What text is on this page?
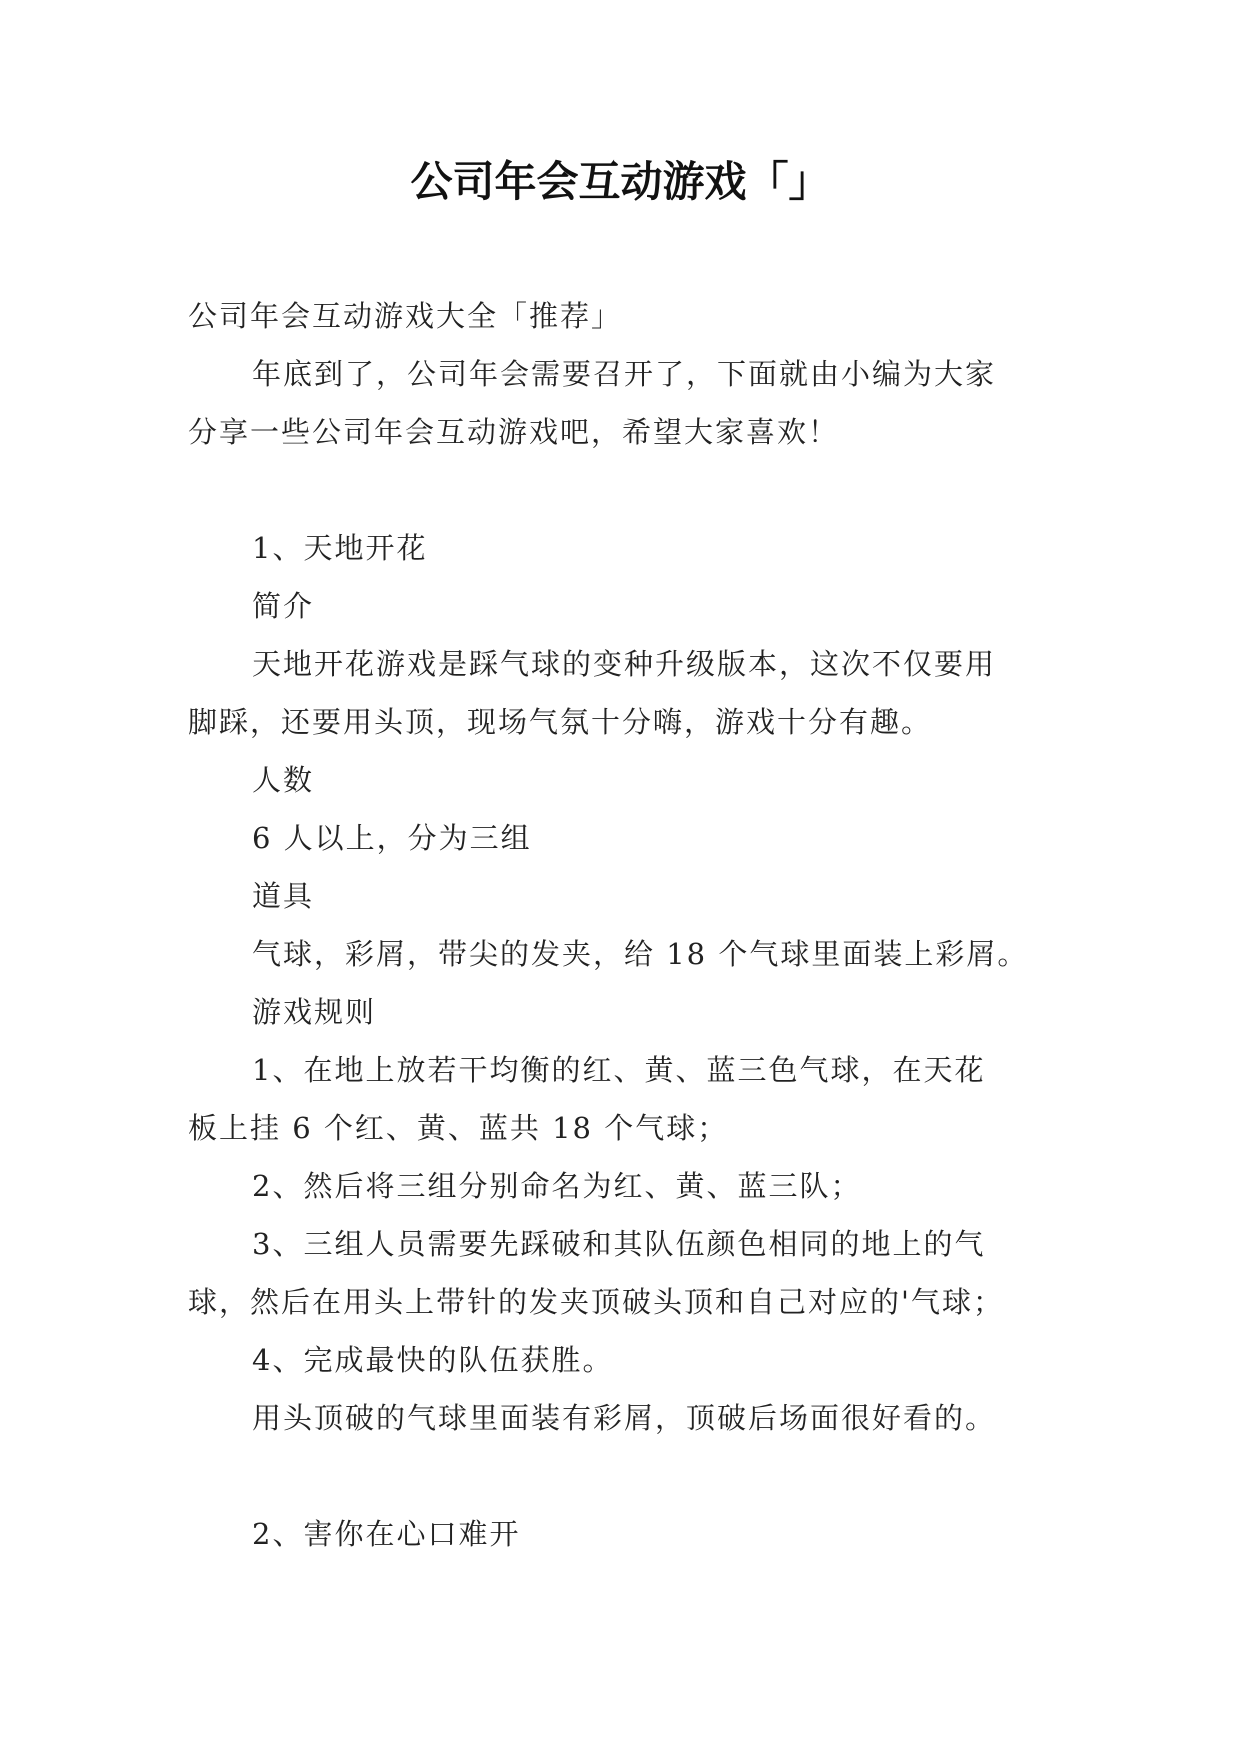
公司年会互动游戏「」
公司年会互动游戏大全「推荐」
年底到了，公司年会需要召开了，下面就由小编为大家
分享一些公司年会互动游戏吧，希望大家喜欢！
1、天地开花
简介
天地开花游戏是踩气球的变种升级版本，这次不仅要用
脚踩，还要用头顶，现场气氛十分嗨，游戏十分有趣。
人数
6 人以上，分为三组
道具
气球，彩屑，带尖的发夹，给 18 个气球里面装上彩屑。
游戏规则
1、在地上放若干均衡的红、黄、蓝三色气球，在天花
板上挂 6 个红、黄、蓝共 18 个气球；
2、然后将三组分别命名为红、黄、蓝三队；
3、三组人员需要先踩破和其队伍颜色相同的地上的气
球，然后在用头上带针的发夹顶破头顶和自己对应的'气球；
4、完成最快的队伍获胜。
用头顶破的气球里面装有彩屑，顶破后场面很好看的。
2、害你在心口难开
